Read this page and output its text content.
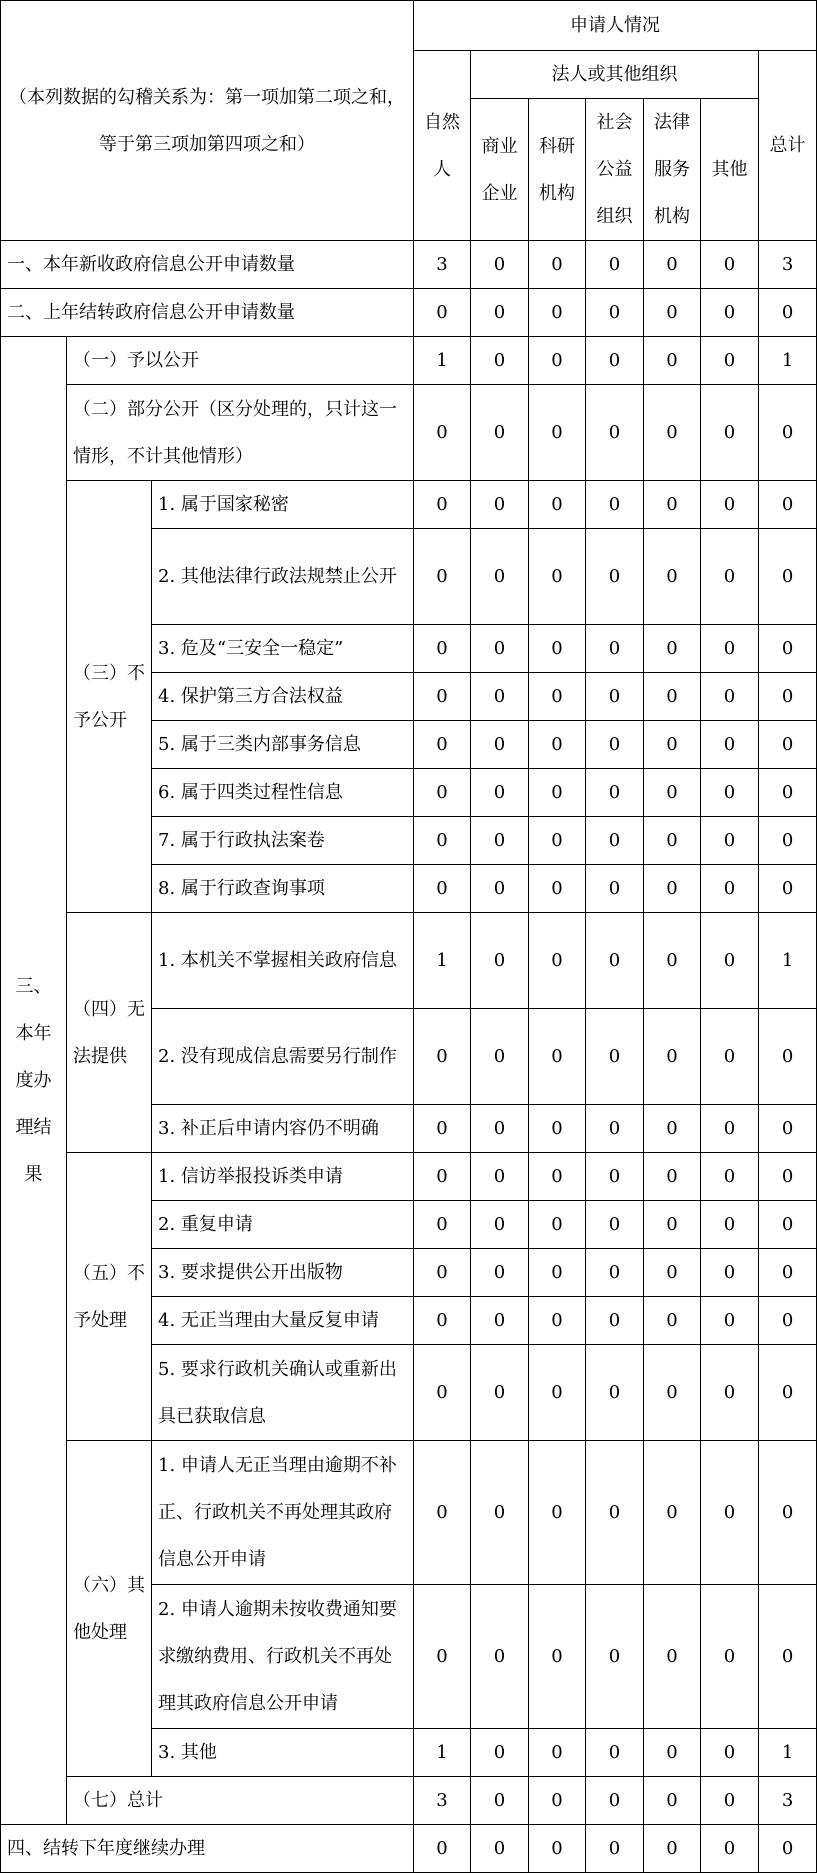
（本列数据的勾稽关系为：第一项加第二项之和，等于第三项加第四项之和）			申请人情况						
			自然人	法人或其他组织					总计
				商业企业	科研机构	社会公益组织	法律服务机构	其他	

一、本年新收政府信息公开申请数量			3	0	0	0	0	0	3
二、上年结转政府信息公开申请数量			0	0	0	0	0	0	0
三、本年度办理结果	（一）予以公开		1	0	0	0	0	0	1
	（二）部分公开（区分处理的，只计这一情形，不计其他情形）		0	0	0	0	0	0	0
	（三）不予公开	1. 属于国家秘密	0	0	0	0	0	0	0
		2. 其他法律行政法规禁止公开	0	0	0	0	0	0	0
		3. 危及“三安全一稳定”	0	0	0	0	0	0	0
		4. 保护第三方合法权益	0	0	0	0	0	0	0
		5. 属于三类内部事务信息	0	0	0	0	0	0	0
		6. 属于四类过程性信息	0	0	0	0	0	0	0
		7. 属于行政执法案卷	0	0	0	0	0	0	0
		8. 属于行政查询事项	0	0	0	0	0	0	0
	（四）无法提供	1. 本机关不掌握相关政府信息	1	0	0	0	0	0	1
		2. 没有现成信息需要另行制作	0	0	0	0	0	0	0
		3. 补正后申请内容仍不明确	0	0	0	0	0	0	0
	（五）不予处理	1. 信访举报投诉类申请	0	0	0	0	0	0	0
		2. 重复申请	0	0	0	0	0	0	0
		3. 要求提供公开出版物	0	0	0	0	0	0	0
		4. 无正当理由大量反复申请	0	0	0	0	0	0	0
		5. 要求行政机关确认或重新出具已获取信息	0	0	0	0	0	0	0
	（六）其他处理	1. 申请人无正当理由逾期不补正、行政机关不再处理其政府信息公开申请	0	0	0	0	0	0	0
		2. 申请人逾期未按收费通知要求缴纳费用、行政机关不再处理其政府信息公开申请	0	0	0	0	0	0	0
		3. 其他	1	0	0	0	0	0	1
	（七）总计		3	0	0	0	0	0	3
四、结转下年度继续办理			0	0	0	0	0	0	0
